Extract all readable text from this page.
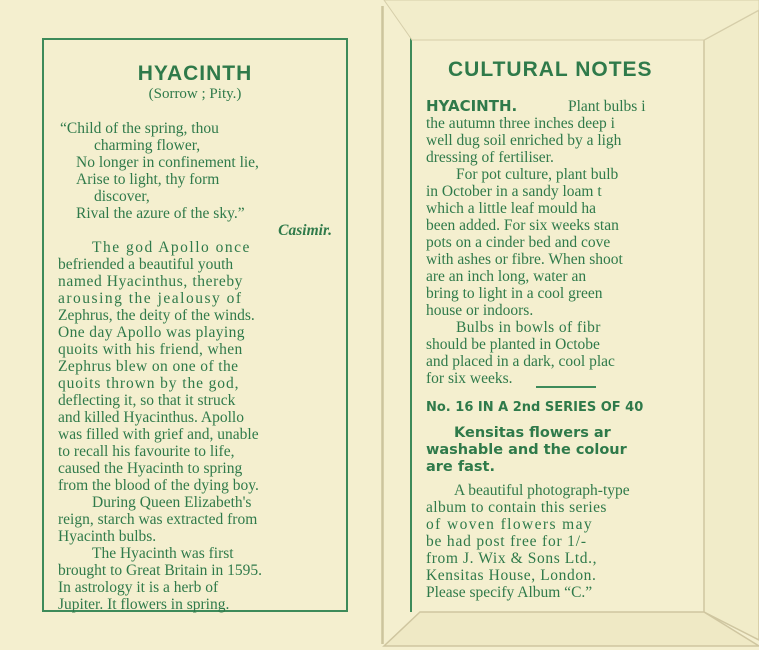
HYACINTH
(Sorrow ; Pity.)
“Child of the spring, thou
charming flower,
No longer in confinement lie,
Arise to light, thy form
discover,
Rival the azure of the sky.”
Casimir.
The god Apollo once
befriended a beautiful youth
named Hyacinthus, thereby
arousing the jealousy of
Zephrus, the deity of the winds.
One day Apollo was playing
quoits with his friend, when
Zephrus blew on one of the
quoits thrown by the god,
deflecting it, so that it struck
and killed Hyacinthus. Apollo
was filled with grief and, unable
to recall his favourite to life,
caused the Hyacinth to spring
from the blood of the dying boy.
During Queen Elizabeth's
reign, starch was extracted from
Hyacinth bulbs.
The Hyacinth was first
brought to Great Britain in 1595.
In astrology it is a herb of
Jupiter. It flowers in spring.
CULTURAL NOTES
HYACINTH.	Plant bulbs i
the autumn three inches deep i
well dug soil enriched by a ligh
dressing of fertiliser.
For pot culture, plant bulb
in October in a sandy loam t
which a little leaf mould ha
been added. For six weeks stan
pots on a cinder bed and cove
with ashes or fibre. When shoot
are an inch long, water an
bring to light in a cool green
house or indoors.
Bulbs in bowls of fibr
should be planted in Octobe
and placed in a dark, cool plac
for six weeks.
No. 16 IN A 2nd SERIES OF 40
Kensitas flowers ar
washable and the colour
are fast.
A beautiful photograph-type
album to contain this series
of woven flowers may
be had post free for 1/-
from J. Wix & Sons Ltd.,
Kensitas House, London.
Please specify Album “C.”
